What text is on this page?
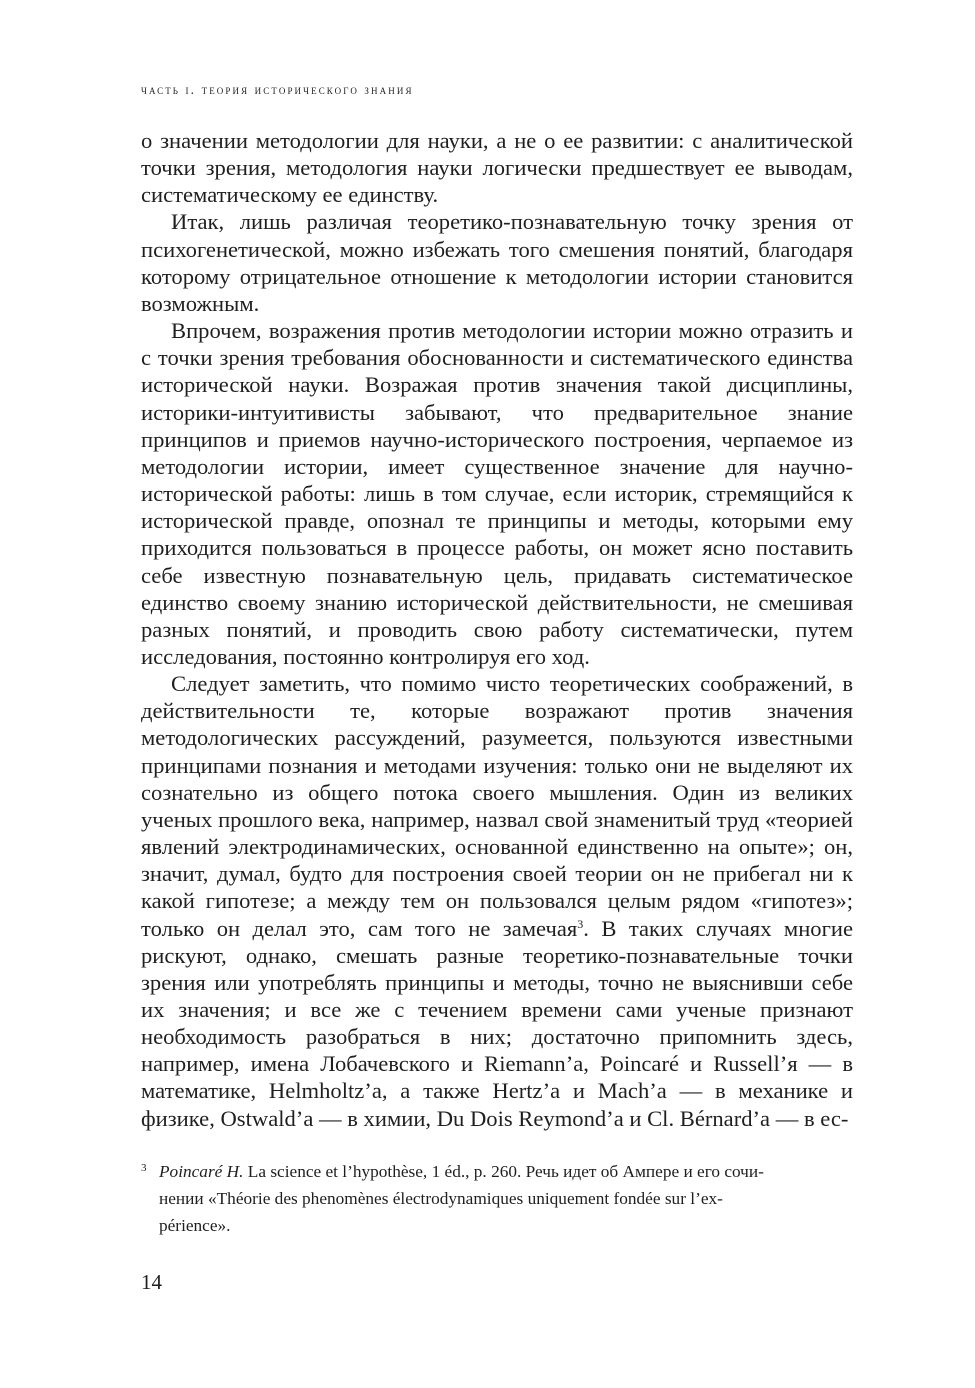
часть i. теория исторического знания

о значении методологии для науки, а не о ее развитии: с аналитической точки зрения, методология науки логически предшествует ее выводам, систематическому ее единству.

Итак, лишь различая теоретико-познавательную точку зрения от психогенетической, можно избежать того смешения понятий, благодаря которому отрицательное отношение к методологии истории становится возможным.

Впрочем, возражения против методологии истории можно отразить и с точки зрения требования обоснованности и систематического единства исторической науки. Возражая против значения такой дисциплины, историки-интуитивисты забывают, что предварительное знание принципов и приемов научно-исторического построения, черпаемое из методологии истории, имеет существенное значение для научно-исторической работы: лишь в том случае, если историк, стремящийся к исторической правде, опознал те принципы и методы, которыми ему приходится пользоваться в процессе работы, он может ясно поставить себе известную познавательную цель, придавать систематическое единство своему знанию исторической действительности, не смешивая разных понятий, и проводить свою работу систематически, путем исследования, постоянно контролируя его ход.

Следует заметить, что помимо чисто теоретических соображений, в действительности те, которые возражают против значения методологических рассуждений, разумеется, пользуются известными принципами познания и методами изучения: только они не выделяют их сознательно из общего потока своего мышления. Один из великих ученых прошлого века, например, назвал свой знаменитый труд «теорией явлений электродинамических, основанной единственно на опыте»; он, значит, думал, будто для построения своей теории он не прибегал ни к какой гипотезе; а между тем он пользовался целым рядом «гипотез»; только он делал это, сам того не замечая$^3$. В таких случаях многие рискуют, однако, смешать разные теоретико-познавательные точки зрения или употреблять принципы и методы, точно не выяснивши себе их значения; и все же с течением времени сами ученые признают необходимость разобраться в них; достаточно припомнить здесь, например, имена Лобачевского и Riemann’a, Poincaré и Russell’я — в математике, Helmholtz’a, а также Hertz’a и Mach’a — в механике и физике, Ostwald’a — в химии, Du Dois Reymond’a и Cl. Bérnard’a — в ес-

3 Poincaré H. La science et l’hypothèse, 1 éd., p. 260. Речь идет об Ампере и его сочи-
нении «Théorie des phenomènes électrodynamiques uniquement fondée sur l’ex-
périence».
14
